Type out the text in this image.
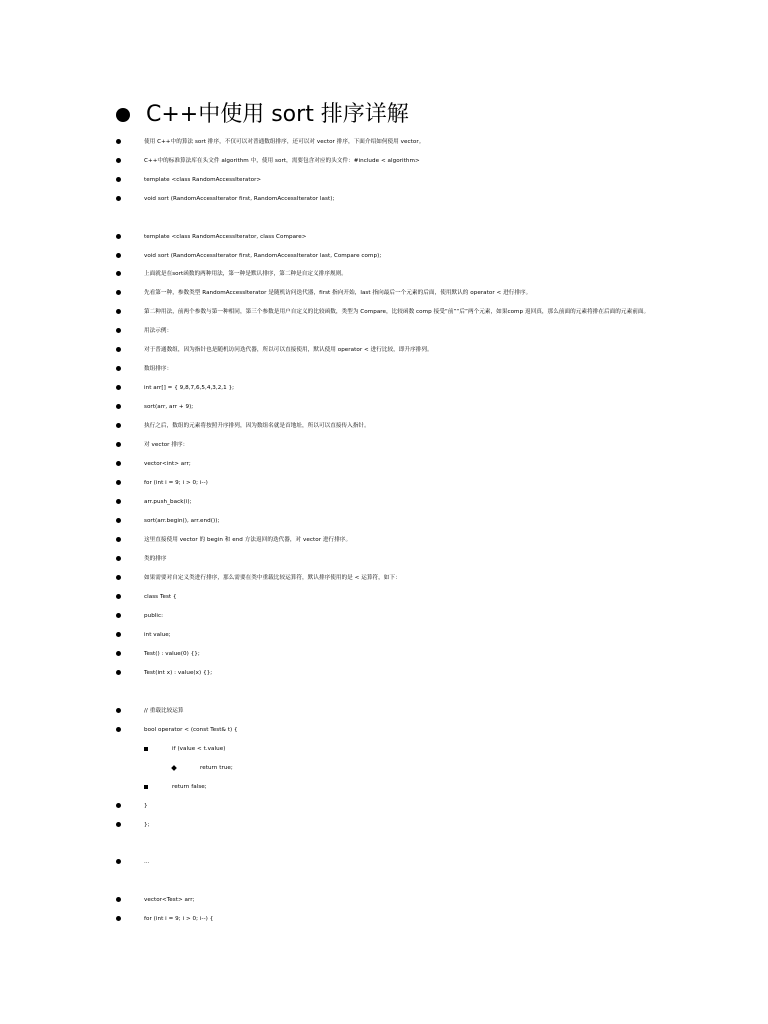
C++中使用 sort 排序详解
使用 C++中的算法 sort 排序，不仅可以对普通数组排序，还可以对 vector 排序，下面介绍如何使用 vector。
C++中的标准算法库在头文件 algorithm 中，使用 sort，需要包含对应的头文件：#include < algorithm>
template <class RandomAccessIterator>
void sort (RandomAccessIterator first, RandomAccessIterator last);
template <class RandomAccessIterator, class Compare>
void sort (RandomAccessIterator first, RandomAccessIterator last, Compare comp);
上面就是在sort函数的两种用法，第一种是默认排序，第二种是自定义排序规则。
先看第一种，参数类型 RandomAccessIterator 是随机访问迭代器，first 指向开始，last 指向最后一个元素的后面，使用默认的 operator < 进行排序。
第二种用法，前两个参数与第一种相同，第三个参数是用户自定义的比较函数，类型为 Compare，比较函数 comp 接受“前”“后”两个元素，如果comp 返回真，那么前面的元素将排在后面的元素前面。
用法示例：
对于普通数组，因为指针也是随机访问迭代器，所以可以直接使用，默认使用 operator < 进行比较，即升序排列。
数组排序：
int arr[] = { 9,8,7,6,5,4,3,2,1 };
sort(arr, arr + 9);
执行之后，数组的元素将按照升序排列，因为数组名就是首地址，所以可以直接传入指针。
对 vector 排序：
vector<int> arr;
for (int i = 9; i > 0; i--)
arr.push_back(i);
sort(arr.begin(), arr.end());
这里直接使用 vector 的 begin 和 end 方法返回的迭代器，对 vector 进行排序。
类的排序
如果需要对自定义类进行排序，那么需要在类中重载比较运算符，默认排序使用的是 < 运算符，如下：
class Test {
public:
int value;
Test() : value(0) {};
Test(int x) : value(x) {};
// 重载比较运算
bool operator < (const Test& t) {
if (value < t.value)
return true;
return false;
}
};
...
vector<Test> arr;
for (int i = 9; i > 0; i--) {
